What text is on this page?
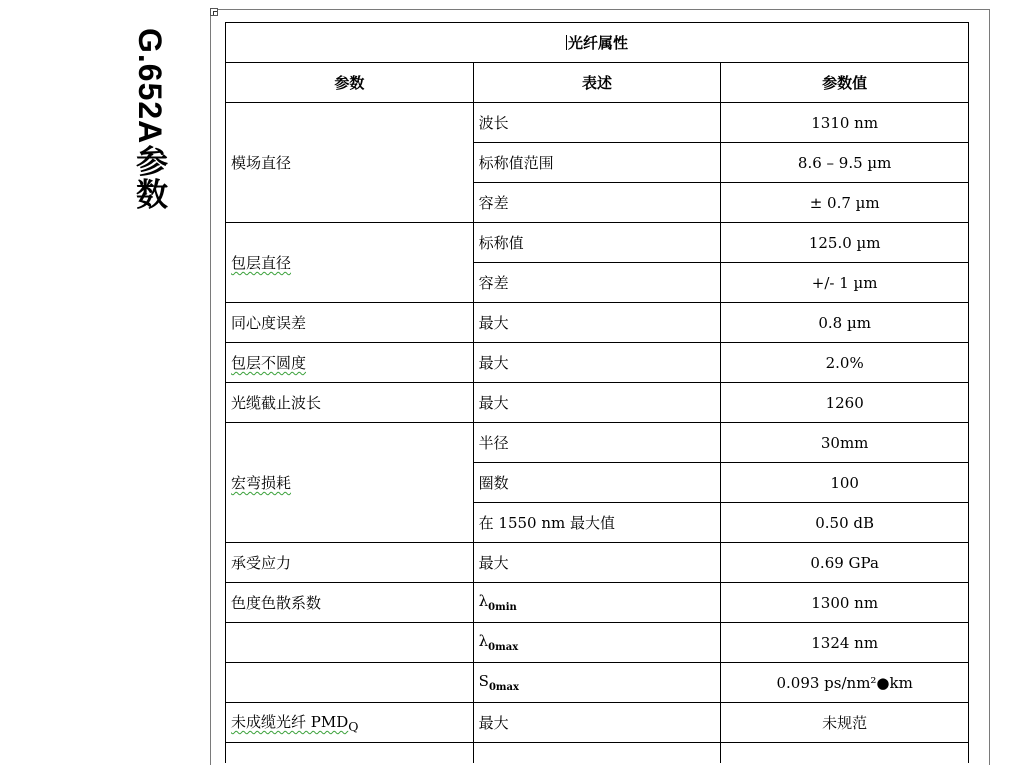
G.652A参数
光纤属性		
参数	表述	参数值
模场直径	波长	1310 nm
	标称值范围	8.6 – 9.5 µm
	容差	± 0.7 µm
包层直径	标称值	125.0 µm
	容差	+/- 1 µm
同心度误差	最大	0.8 µm
包层不圆度	最大	2.0%
光缆截止波长	最大	1260
宏弯损耗	半径	30mm
	圈数	100
	在 1550 nm 最大值	0.50 dB
承受应力	最大	0.69 GPa
色度色散系数	$\lambda_{0min}$	1300 nm
	$\lambda_{0max}$	1324 nm
	$S_{0max}$	0.093 ps/nm²●km
未成缆光纤 $PMD_Q$	最大	未规范
